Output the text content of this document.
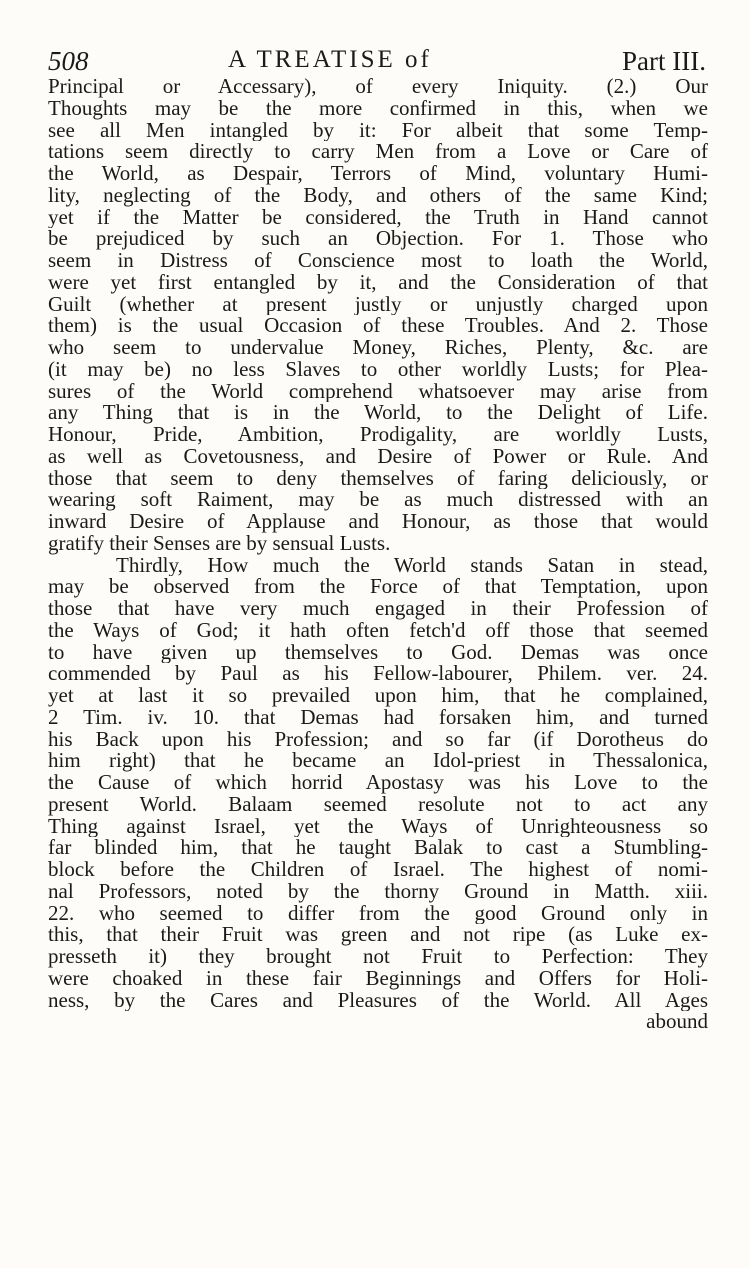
508	A TREATISE of	Part III.
Principal or Accessary), of every Iniquity. (2.) Our
Thoughts may be the more confirmed in this, when we
see all Men intangled by it: For albeit that some Temp-
tations seem directly to carry Men from a Love or Care of
the World, as Despair, Terrors of Mind, voluntary Humi-
lity, neglecting of the Body, and others of the same Kind;
yet if the Matter be considered, the Truth in Hand cannot
be prejudiced by such an Objection. For 1. Those who
seem in Distress of Conscience most to loath the World,
were yet first entangled by it, and the Consideration of that
Guilt (whether at present justly or unjustly charged upon
them) is the usual Occasion of these Troubles. And 2. Those
who seem to undervalue Money, Riches, Plenty, &c. are
(it may be) no less Slaves to other worldly Lusts; for Plea-
sures of the World comprehend whatsoever may arise from
any Thing that is in the World, to the Delight of Life.
Honour, Pride, Ambition, Prodigality, are worldly Lusts,
as well as Covetousness, and Desire of Power or Rule. And
those that seem to deny themselves of faring deliciously, or
wearing soft Raiment, may be as much distressed with an
inward Desire of Applause and Honour, as those that would
gratify their Senses are by sensual Lusts.
Thirdly, How much the World stands Satan in stead,
may be observed from the Force of that Temptation, upon
those that have very much engaged in their Profession of
the Ways of God; it hath often fetch'd off those that seemed
to have given up themselves to God. Demas was once
commended by Paul as his Fellow-labourer, Philem. ver. 24.
yet at last it so prevailed upon him, that he complained,
2 Tim. iv. 10. that Demas had forsaken him, and turned
his Back upon his Profession; and so far (if Dorotheus do
him right) that he became an Idol-priest in Thessalonica,
the Cause of which horrid Apostasy was his Love to the
present World. Balaam seemed resolute not to act any
Thing against Israel, yet the Ways of Unrighteousness so
far blinded him, that he taught Balak to cast a Stumbling-
block before the Children of Israel. The highest of nomi-
nal Professors, noted by the thorny Ground in Matth. xiii.
22. who seemed to differ from the good Ground only in
this, that their Fruit was green and not ripe (as Luke ex-
presseth it) they brought not Fruit to Perfection: They
were choaked in these fair Beginnings and Offers for Holi-
ness, by the Cares and Pleasures of the World. All Ages
abound
